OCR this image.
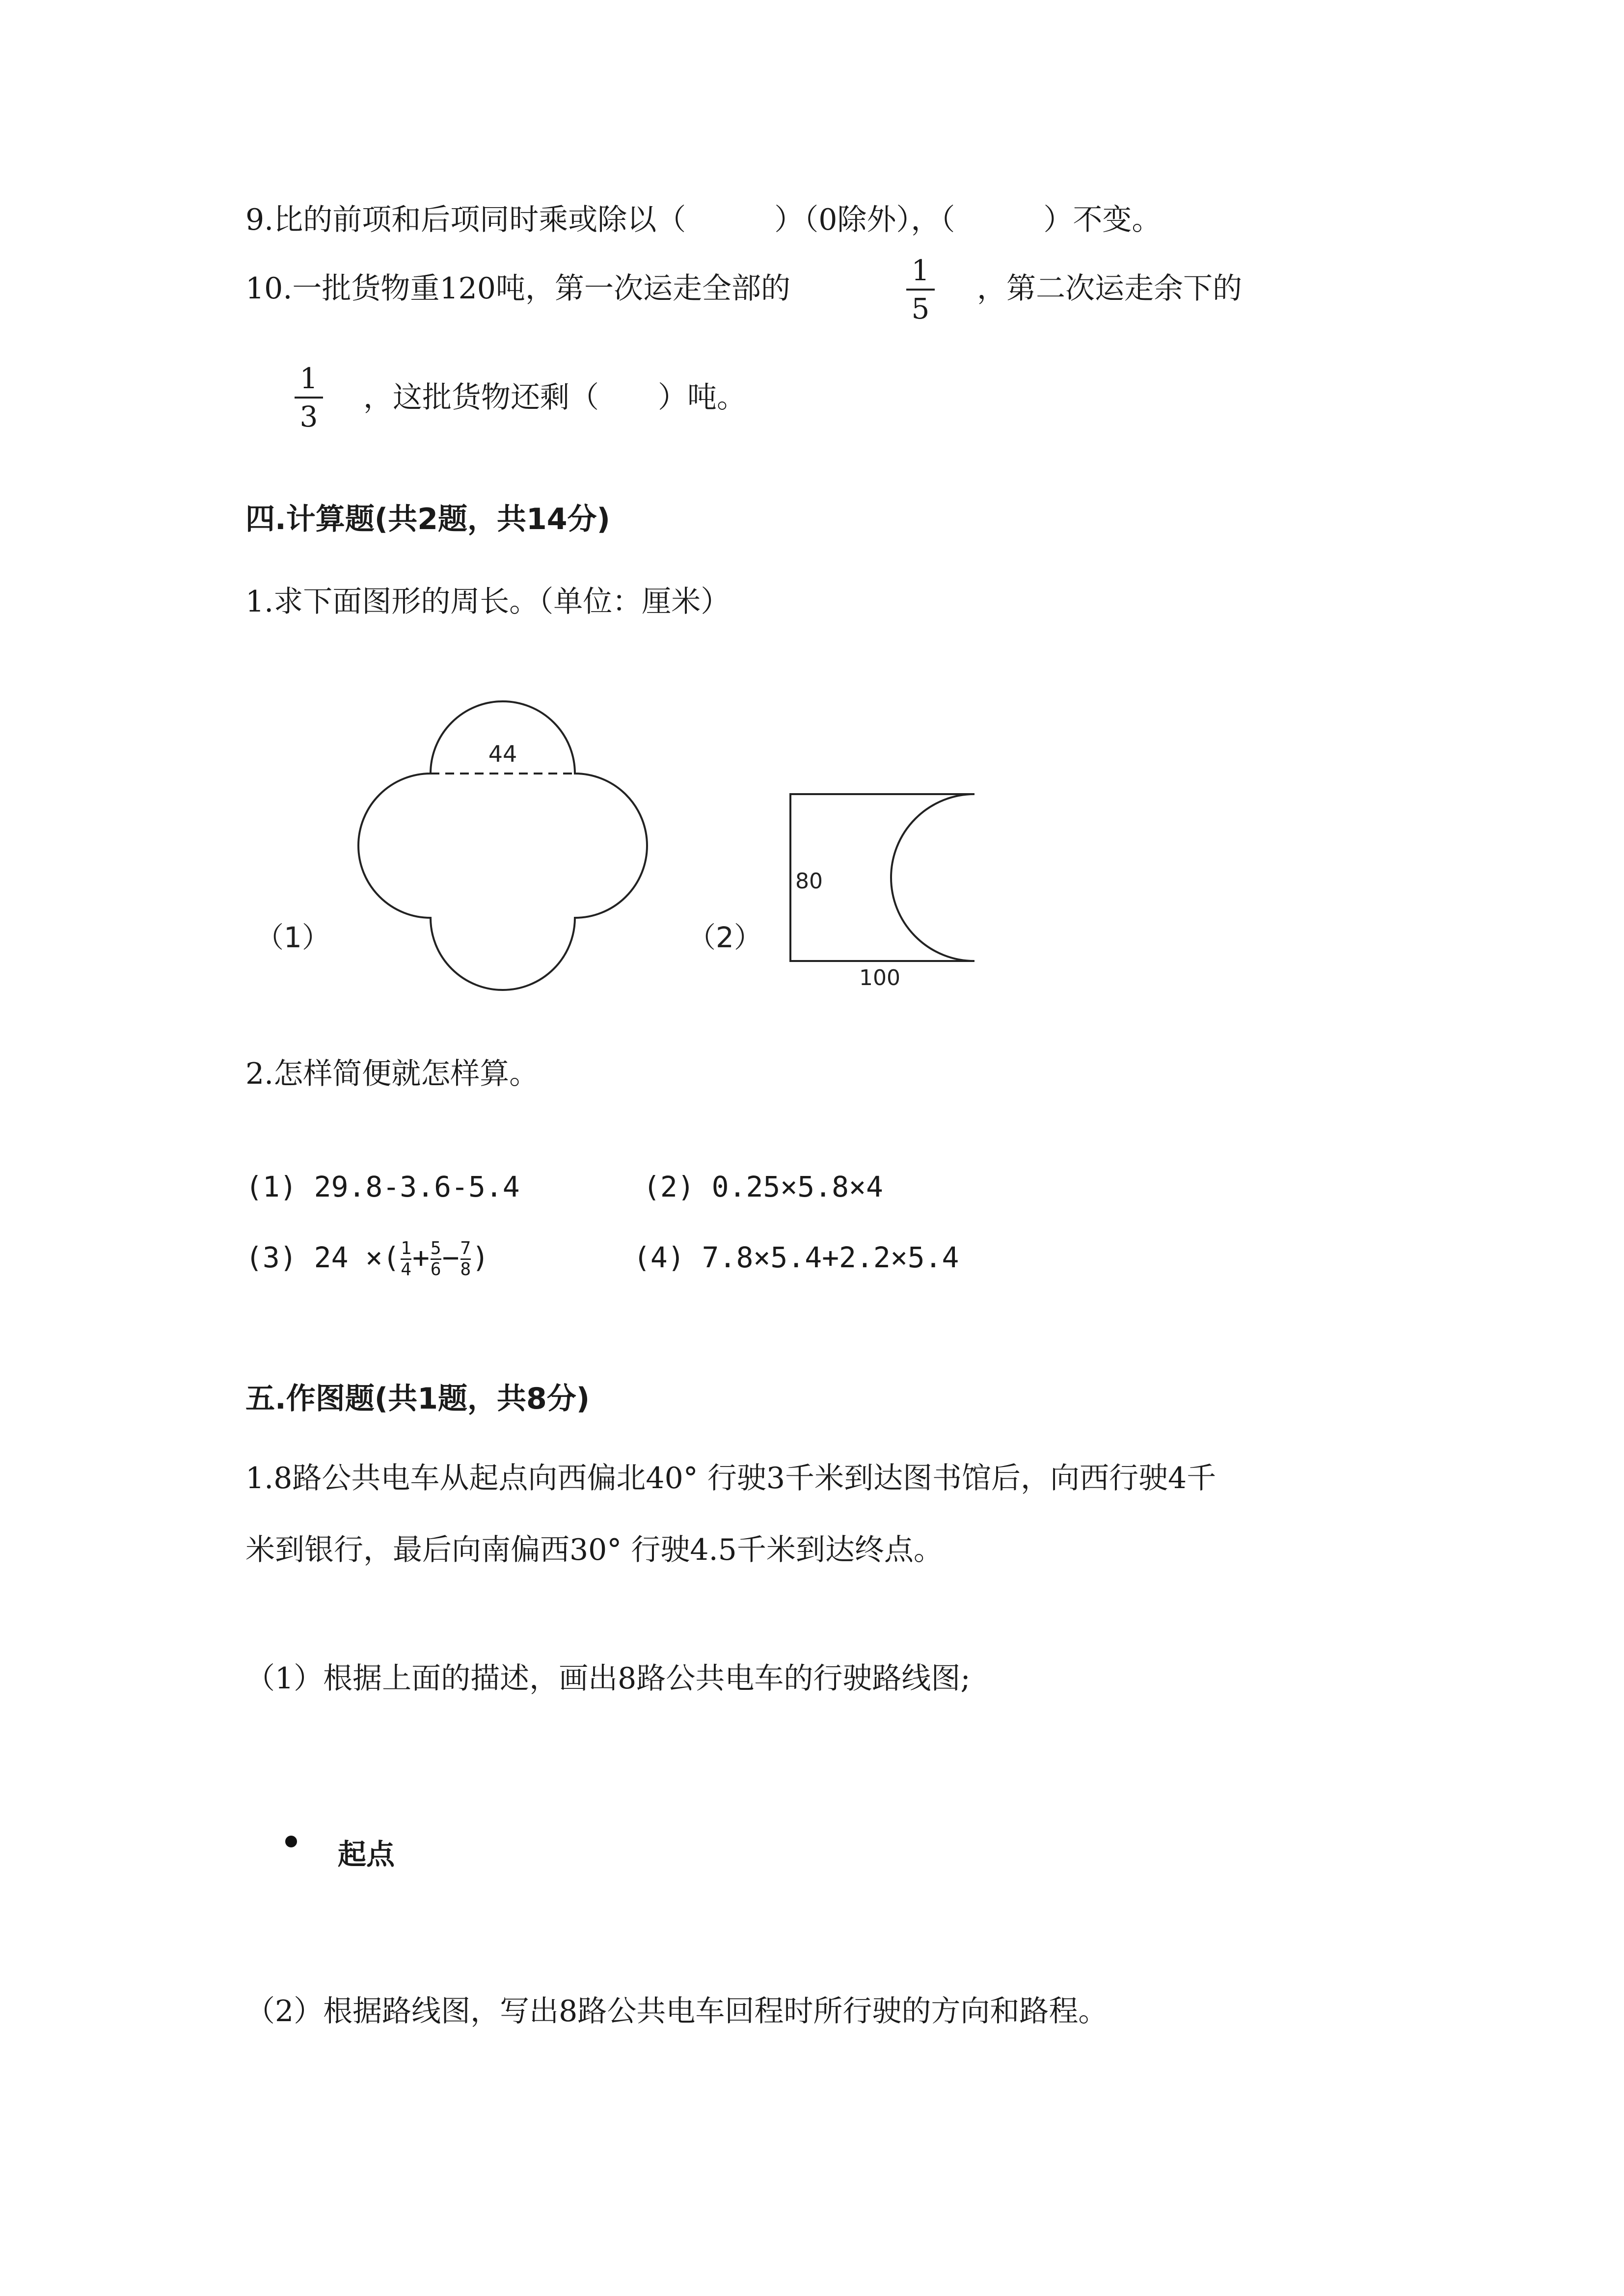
9.比的前项和后项同时乘或除以（　　　）（0除外），（　　　）不变。
10.一批货物重120吨，第一次运走全部的
1
5
，第二次运走余下的
1
3
，这批货物还剩（　　）吨。
四.计算题(共2题，共14分)
1.求下面图形的周长。（单位：厘米）
44
（1）
80
100
（2）
2.怎样简便就怎样算。
(1) 29.8-3.6-5.4	(2) 0.25×5.8×4
(3) $24 \times(\frac{1}{4}+\frac{5}{6}-\frac{7}{8})$	(4) 7.8×5.4+2.2×5.4
五.作图题(共1题，共8分)
1.8路公共电车从起点向西偏北40° 行驶3千米到达图书馆后，向西行驶4千
米到银行，最后向南偏西30° 行驶4.5千米到达终点。
（1）根据上面的描述，画出8路公共电车的行驶路线图;
起点
（2）根据路线图，写出8路公共电车回程时所行驶的方向和路程。
